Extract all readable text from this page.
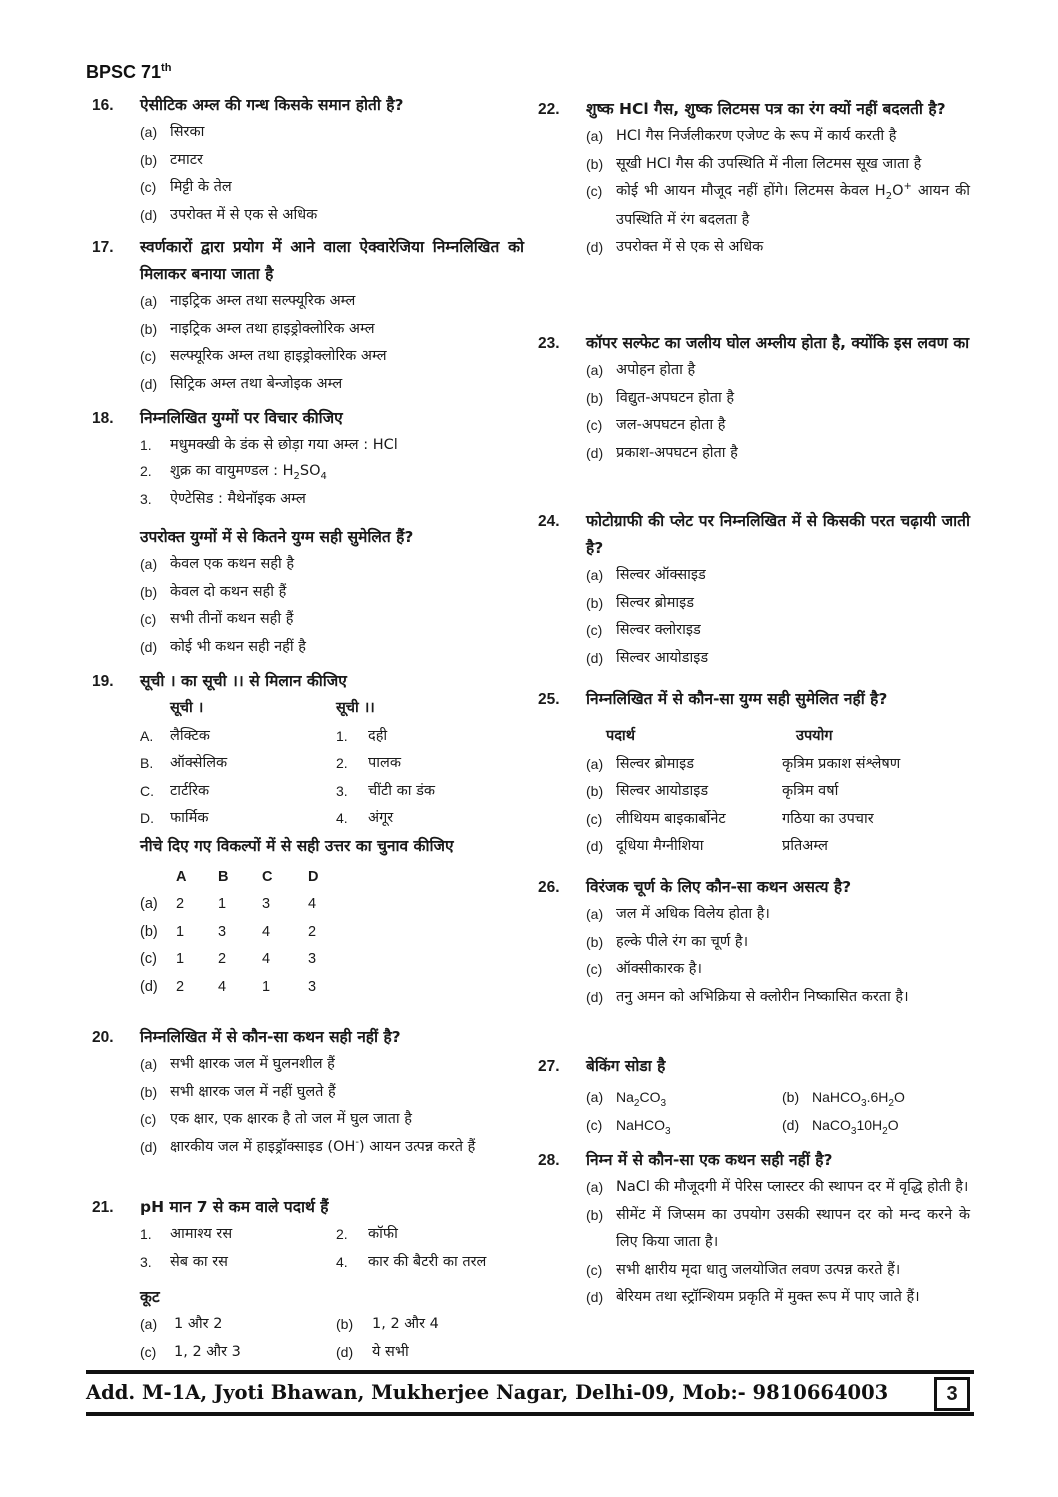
BPSC 71th
16. ऐसीटिक अम्ल की गन्ध किसके समान होती है?
(a) सिरका
(b) टमाटर
(c) मिट्टी के तेल
(d) उपरोक्त में से एक से अधिक
17. स्वर्णकारों द्वारा प्रयोग में आने वाला ऐक्वारेजिया निम्नलिखित को मिलाकर बनाया जाता है
(a) नाइट्रिक अम्ल तथा सल्फ्यूरिक अम्ल
(b) नाइट्रिक अम्ल तथा हाइड्रोक्लोरिक अम्ल
(c) सल्फ्यूरिक अम्ल तथा हाइड्रोक्लोरिक अम्ल
(d) सिट्रिक अम्ल तथा बेन्जोइक अम्ल
18. निम्नलिखित युग्मों पर विचार कीजिए
1. मधुमक्खी के डंक से छोड़ा गया अम्ल : HCl
2. शुक्र का वायुमण्डल : $H_2SO_4$
3. ऐण्टेसिड : मैथेनॉइक अम्ल
उपरोक्त युग्मों में से कितने युग्म सही सुमेलित हैं?
(a) केवल एक कथन सही है
(b) केवल दो कथन सही हैं
(c) सभी तीनों कथन सही हैं
(d) कोई भी कथन सही नहीं है
19. सूची । का सूची ।। से मिलान कीजिए
सूची ।	सूची ।।
A. लैक्टिक	1. दही
B. ऑक्सेलिक	2. पालक
C. टार्टरिक	3. चींटी का डंक
D. फार्मिक	4. अंगूर
नीचे दिए गए विकल्पों में से सही उत्तर का चुनाव कीजिए
A B C D
(a) 2 1 3	4
(b) 1 3 4	2
(c) 1 2 4	3
(d) 2 4 1	3
20. निम्नलिखित में से कौन-सा कथन सही नहीं है?
(a) सभी क्षारक जल में घुलनशील हैं
(b) सभी क्षारक जल में नहीं घुलते हैं
(c) एक क्षार, एक क्षारक है तो जल में घुल जाता है
(d) क्षारकीय जल में हाइड्रॉक्साइड (OH-) आयन उत्पन्न करते हैं
21. pH मान 7 से कम वाले पदार्थ हैं
1. आमाश्य रस	2. कॉफी
3. सेब का रस	4. कार की बैटरी का तरल
कूट
(a) 1 और 2	(b) 1, 2 और 4
(c) 1, 2 और 3	(d) ये सभी
22. शुष्क HCl गैस, शुष्क लिटमस पत्र का रंग क्यों नहीं बदलती है?
(a) HCl गैस निर्जलीकरण एजेण्ट के रूप में कार्य करती है
(b) सूखी HCl गैस की उपस्थिति में नीला लिटमस सूख जाता है
(c) कोई भी आयन मौजूद नहीं होंगे। लिटमस केवल $H_2O^+$ आयन की उपस्थिति में रंग बदलता है
(d) उपरोक्त में से एक से अधिक
23. कॉपर सल्फेट का जलीय घोल अम्लीय होता है, क्योंकि इस लवण का
(a) अपोहन होता है
(b) विद्युत-अपघटन होता है
(c) जल-अपघटन होता है
(d) प्रकाश-अपघटन होता है
24. फोटोग्राफी की प्लेट पर निम्नलिखित में से किसकी परत चढ़ायी जाती है?
(a) सिल्वर ऑक्साइड
(b) सिल्वर ब्रोमाइड
(c) सिल्वर क्लोराइड
(d) सिल्वर आयोडाइड
25. निम्नलिखित में से कौन-सा युग्म सही सुमेलित नहीं है?
पदार्थ	उपयोग
(a) सिल्वर ब्रोमाइड	कृत्रिम प्रकाश संश्लेषण
(b) सिल्वर आयोडाइड	कृत्रिम वर्षा
(c) लीथियम बाइकार्बोनेट	गठिया का उपचार
(d) दूधिया मैग्नीशिया	प्रतिअम्ल
26. विरंजक चूर्ण के लिए कौन-सा कथन असत्य है?
(a) जल में अधिक विलेय होता है।
(b) हल्के पीले रंग का चूर्ण है।
(c) ऑक्सीकारक है।
(d) तनु अमन को अभिक्रिया से क्लोरीन निष्कासित करता है।
27. बेकिंग सोडा है
(a) $Na_2CO_3$	(b) $NaHCO_3.6H_2O$
(c) NaHCO$_3$	(d) $NaCO_310H_2O$
28. निम्न में से कौन-सा एक कथन सही नहीं है?
(a) NaCl की मौजूदगी में पेरिस प्लास्टर की स्थापन दर में वृद्धि होती है।
(b) सीमेंट में जिप्सम का उपयोग उसकी स्थापन दर को मन्द करने के लिए किया जाता है।
(c) सभी क्षारीय मृदा धातु जलयोजित लवण उत्पन्न करते हैं।
(d) बेरियम तथा स्ट्रॉन्शियम प्रकृति में मुक्त रूप में पाए जाते हैं।
Add. M-1A, Jyoti Bhawan, Mukherjee Nagar, Delhi-09, Mob:- 9810664003	3
